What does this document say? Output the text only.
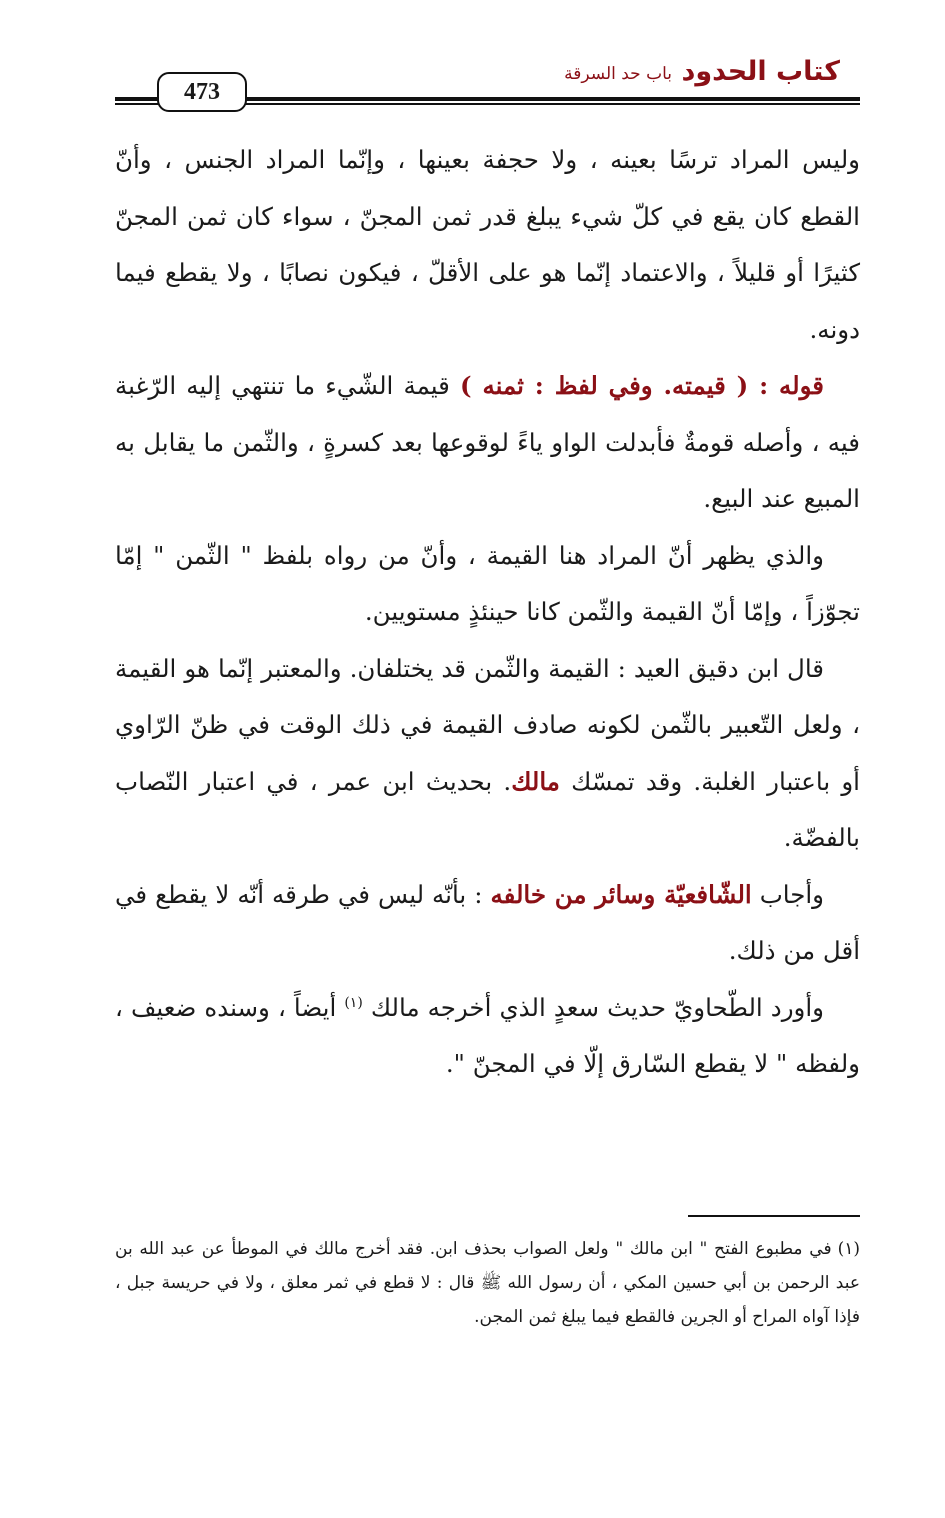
كتاب الحدود
باب حد السرقة
473

وليس المراد ترسًا بعينه ، ولا حجفة بعينها ، وإنّما المراد الجنس ، وأنّ القطع كان يقع في كلّ شيء يبلغ قدر ثمن المجنّ ، سواء كان ثمن المجنّ كثيرًا أو قليلاً ، والاعتماد إنّما هو على الأقلّ ، فيكون نصابًا ، ولا يقطع فيما دونه.

قوله : ( قيمته. وفي لفظ : ثمنه ) قيمة الشّيء ما تنتهي إليه الرّغبة فيه ، وأصله قومةٌ فأبدلت الواو ياءً لوقوعها بعد كسرةٍ ، والثّمن ما يقابل به المبيع عند البيع.

والذي يظهر أنّ المراد هنا القيمة ، وأنّ من رواه بلفظ " الثّمن " إمّا تجوّزاً ، وإمّا أنّ القيمة والثّمن كانا حينئذٍ مستويين.

قال ابن دقيق العيد : القيمة والثّمن قد يختلفان. والمعتبر إنّما هو القيمة ، ولعل التّعبير بالثّمن لكونه صادف القيمة في ذلك الوقت في ظنّ الرّاوي أو باعتبار الغلبة. وقد تمسّك مالك. بحديث ابن عمر ، في اعتبار النّصاب بالفضّة.

وأجاب الشّافعيّة وسائر من خالفه : بأنّه ليس في طرقه أنّه لا يقطع في أقل من ذلك.

وأورد الطّحاويّ حديث سعدٍ الذي أخرجه مالك $^{(١)}$ أيضاً ، وسنده ضعيف ، ولفظه " لا يقطع السّارق إلّا في المجنّ ".

(١)في مطبوع الفتح " ابن مالك " ولعل الصواب بحذف ابن. فقد أخرج مالك في الموطأ عن عبد الله بن عبد الرحمن بن أبي حسين المكي ، أن رسول الله ﷺ قال : لا قطع في ثمر معلق ، ولا في حريسة جبل ، فإذا آواه المراح أو الجرين فالقطع فيما يبلغ ثمن المجن.
